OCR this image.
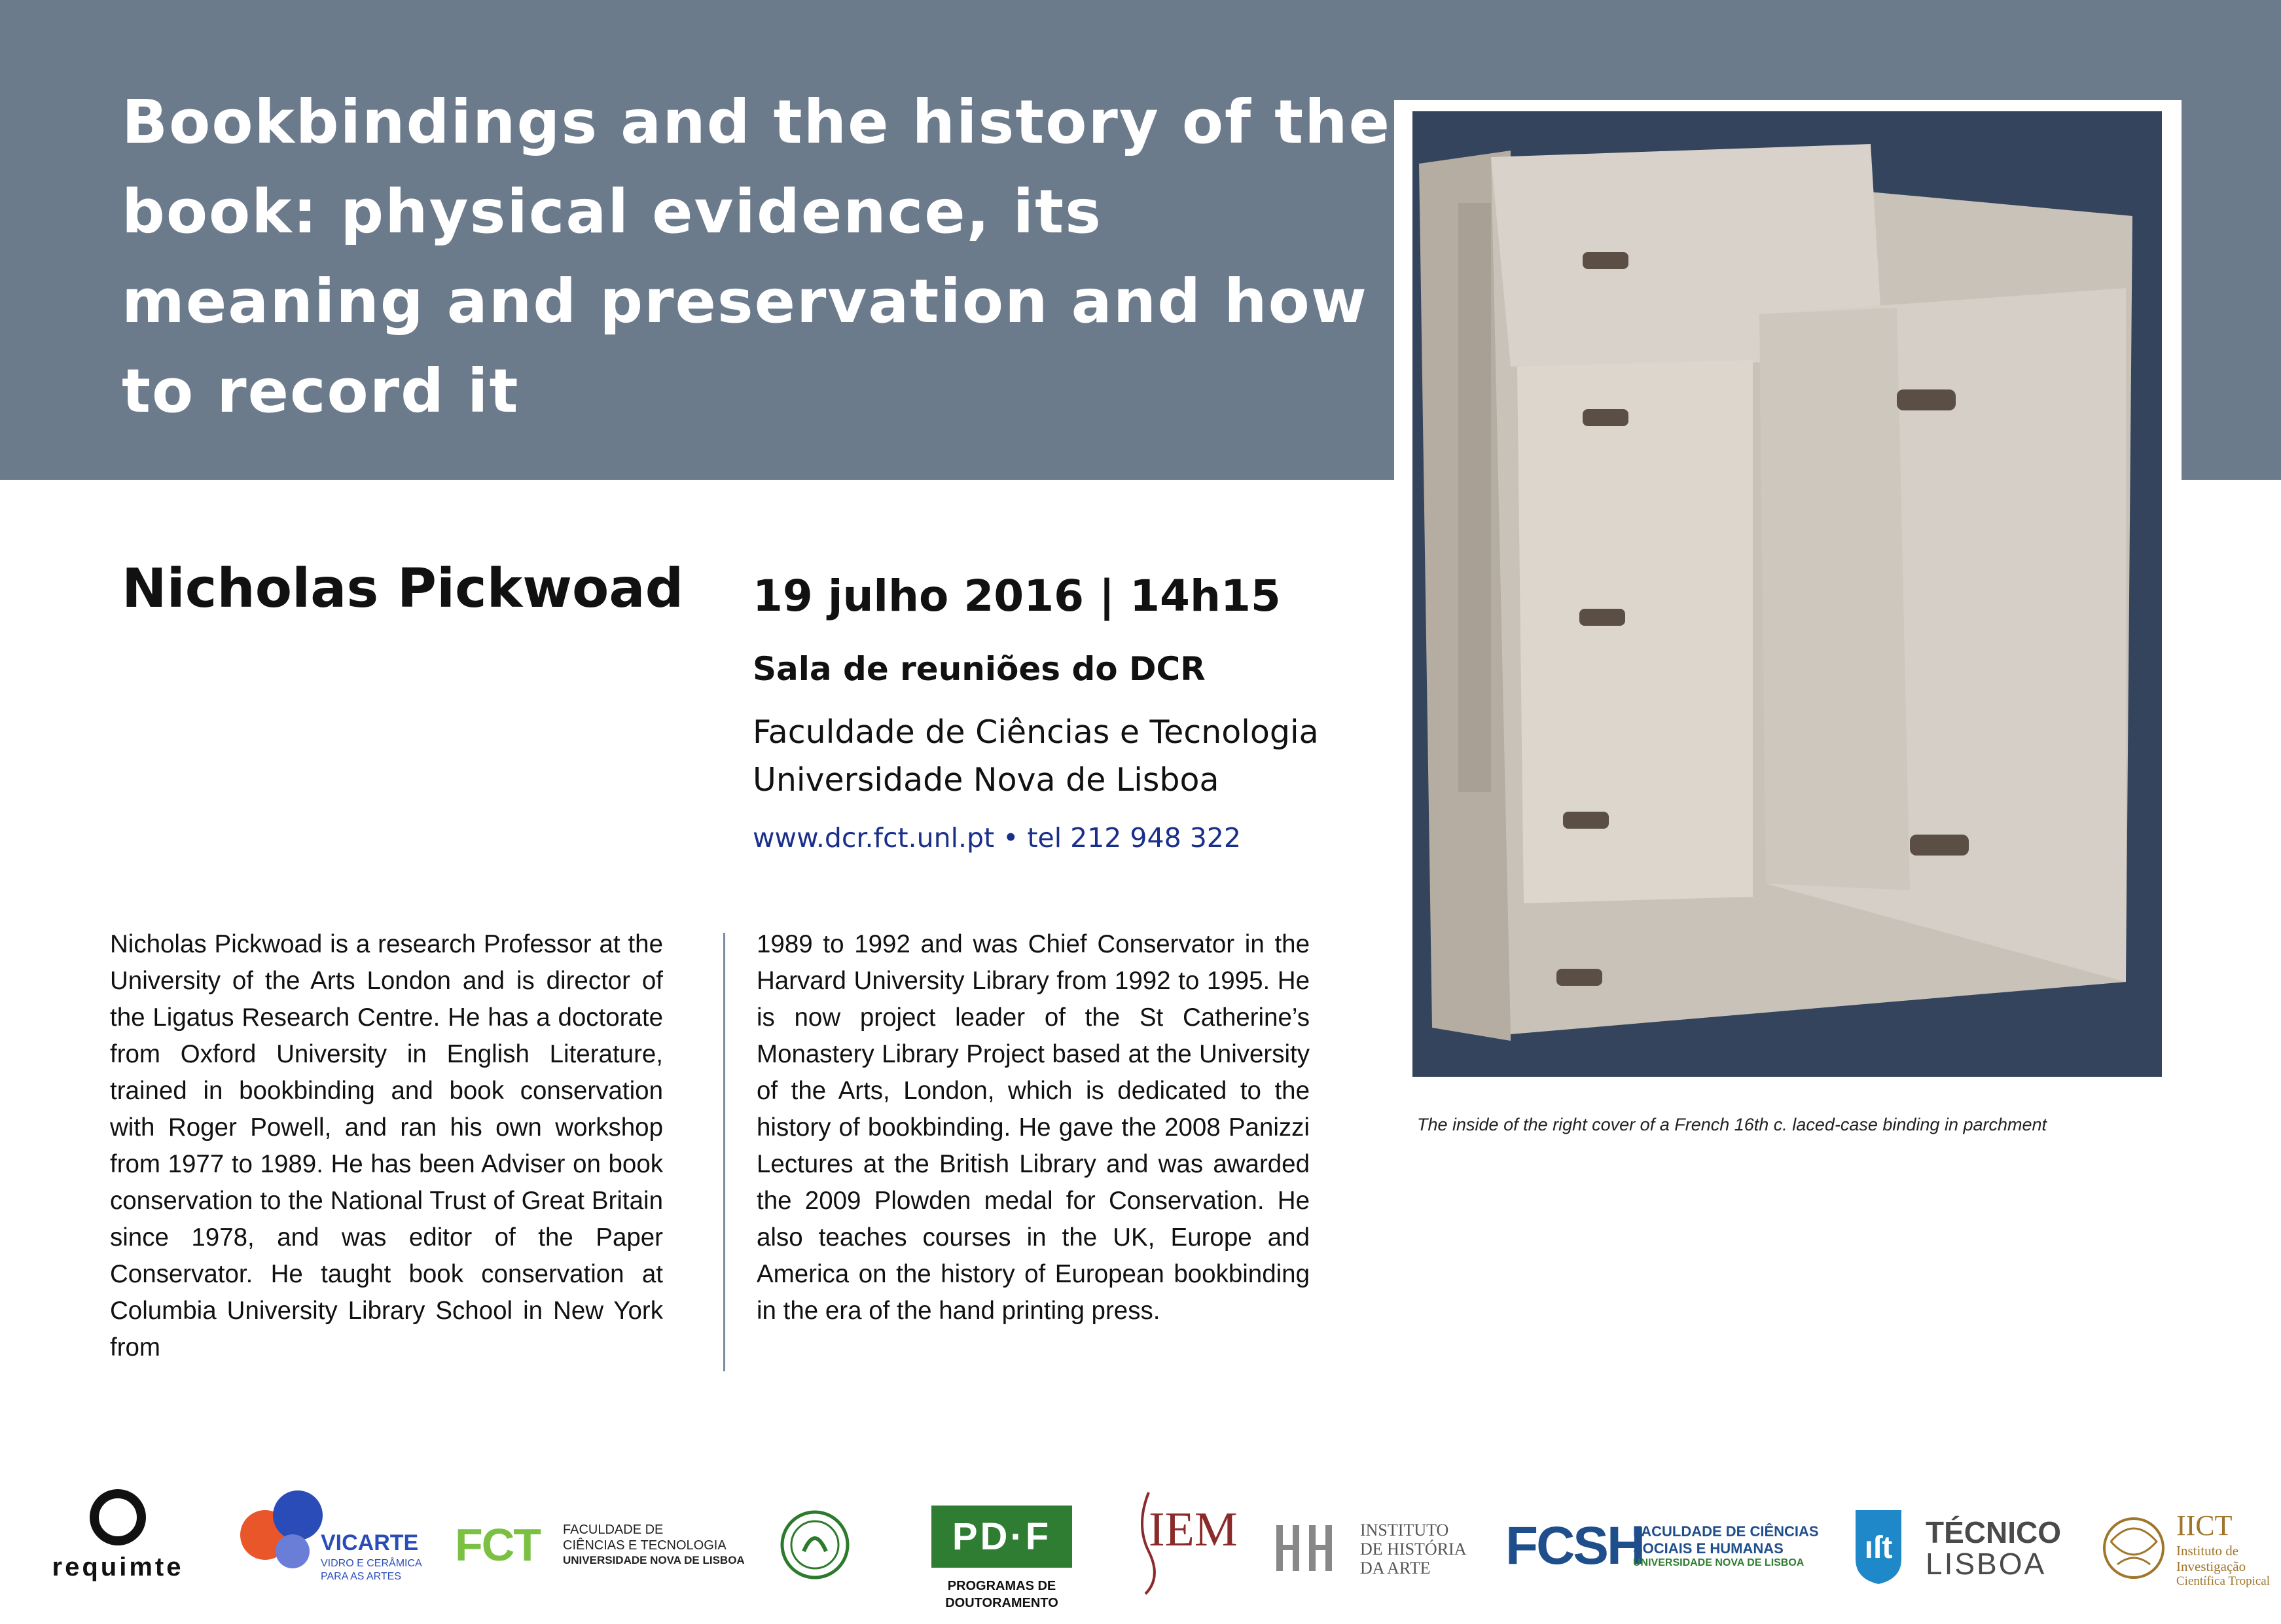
Bookbindings and the history of the book: physical evidence, its meaning and preservation and how to record it
The inside of the right cover of a French 16th c. laced-case binding in parchment
Nicholas Pickwoad 19 julho 2016 | 14h15
Sala de reuniões do DCR
Faculdade de Ciências e Tecnologia
Universidade Nova de Lisboa
www.dcr.fct.unl.pt • tel 212 948 322

Nicholas Pickwoad is a research Professor at the University of the Arts London and is director of the Ligatus Research Centre. He has a doctorate from Oxford University in English Literature, trained in bookbinding and book conservation with Roger Powell, and ran his own workshop from 1977 to 1989. He has been Adviser on book conservation to the National Trust of Great Britain since 1978, and was editor of the Paper Conservator. He taught book conservation at Columbia University Library School in New York from

1989 to 1992 and was Chief Conservator in the Harvard University Library from 1992 to 1995. He is now project leader of the St Catherine’s Monastery Library Project based at the University of the Arts, London, which is dedicated to the history of bookbinding. He gave the 2008 Panizzi Lectures at the British Library and was awarded the 2009 Plowden medal for Conservation. He also teaches courses in the UK, Europe and America on the history of European bookbinding in the era of the hand printing press.

requimte
VICARTE
VIDRO E CERÂMICA
PARA AS ARTES
FCT FACULDADE DE
CIÊNCIAS E TECNOLOGIA
UNIVERSIDADE NOVA DE LISBOA
PD·F
PROGRAMAS DE
DOUTORAMENTO
IEM	INSTITUTO
DE HISTÓRIA
DA ARTE FCSH
FACULDADE DE CIÊNCIAS
SOCIAIS E HUMANAS
UNIVERSIDADE NOVA DE LISBOA ıſt TÉCNICO
LISBOA
IICT
Instituto de
Investigação
Científica Tropical
